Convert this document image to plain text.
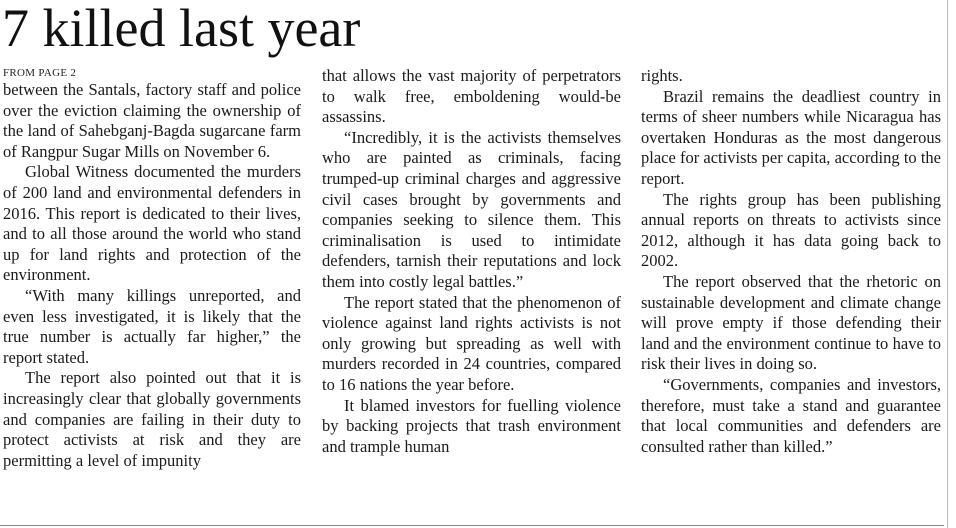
7 killed last year
FROM PAGE 2

between the Santals, factory staff and police over the eviction claiming the ownership of the land of Sahebganj-Bagda sugarcane farm of Rangpur Sugar Mills on November 6.

Global Witness documented the murders of 200 land and environmental defenders in 2016. This report is dedicated to their lives, and to all those around the world who stand up for land rights and protection of the environment.

“With many killings unreported, and even less investigated, it is likely that the true number is actually far higher,” the report stated.

The report also pointed out that it is increasingly clear that globally governments and companies are failing in their duty to protect activists at risk and they are permitting a level of impunity

that allows the vast majority of perpetrators to walk free, emboldening would-be assassins.

“Incredibly, it is the activists themselves who are painted as criminals, facing trumped-up criminal charges and aggressive civil cases brought by governments and companies seeking to silence them. This criminalisation is used to intimidate defenders, tarnish their reputations and lock them into costly legal battles.”

The report stated that the phenomenon of violence against land rights activists is not only growing but spreading as well with murders recorded in 24 countries, compared to 16 nations the year before.

It blamed investors for fuelling violence by backing projects that trash environment and trample human

rights.

Brazil remains the deadliest country in terms of sheer numbers while Nicaragua has overtaken Honduras as the most dangerous place for activists per capita, according to the report.

The rights group has been publishing annual reports on threats to activists since 2012, although it has data going back to 2002.

The report observed that the rhetoric on sustainable development and climate change will prove empty if those defending their land and the environment continue to have to risk their lives in doing so.

“Governments, companies and investors, therefore, must take a stand and guarantee that local communities and defenders are consulted rather than killed.”
